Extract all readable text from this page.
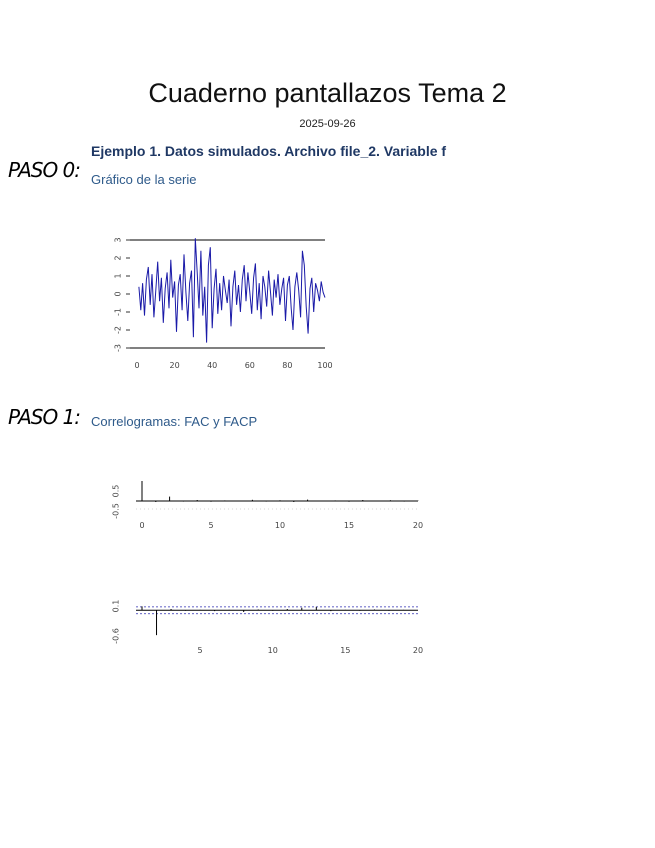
Cuaderno pantallazos Tema 2
2025-09-26
Ejemplo 1. Datos simulados. Archivo file_2. Variable f
PASO 0: Gráfico de la serie
0	20	40	60	80	100
-3
-2
-1
0
1
2
3
PASO 1: Correlogramas: FAC y FACP
0	5	10	15	20
-0.5
0.5
5	10	15	20
-0.6
0.1
